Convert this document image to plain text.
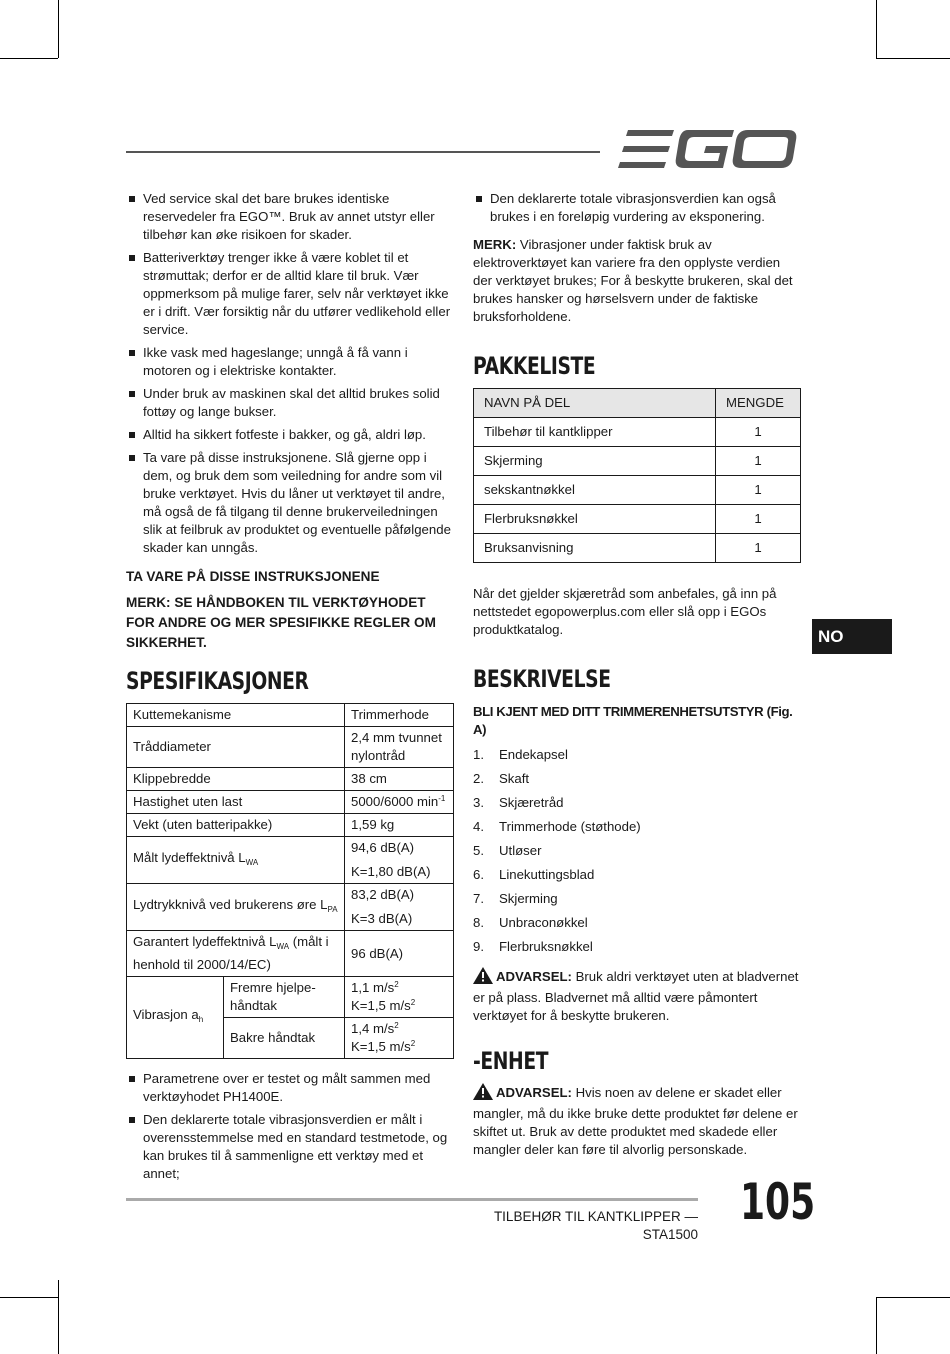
Ved service skal det bare brukes identiske reservedeler fra EGO™. Bruk av annet utstyr eller tilbehør kan øke risikoen for skader.
Batteriverktøy trenger ikke å være koblet til et strømuttak; derfor er de alltid klare til bruk. Vær oppmerksom på mulige farer, selv når verktøyet ikke er i drift. Vær forsiktig når du utfører vedlikehold eller service.
Ikke vask med hageslange; unngå å få vann i motoren og i elektriske kontakter.
Under bruk av maskinen skal det alltid brukes solid fottøy og lange bukser.
Alltid ha sikkert fotfeste i bakker, og gå, aldri løp.
Ta vare på disse instruksjonene. Slå gjerne opp i dem, og bruk dem som veiledning for andre som vil bruke verktøyet. Hvis du låner ut verktøyet til andre, må også de få tilgang til denne brukerveiledningen slik at feilbruk av produktet og eventuelle påfølgende skader kan unngås.

TA VARE PÅ DISSE INSTRUKSJONENE

MERK: SE HÅNDBOKEN TIL VERKTØYHODET FOR ANDRE OG MER SPESIFIKKE REGLER OM SIKKERHET.

SPESIFIKASJONER
Kuttemekanisme		Trimmerhode
Tråddiameter		2,4 mm tvunnet nylontråd
Klippebredde		38 cm
Hastighet uten last		5000/6000 $\min^{-1}$
Vekt (uten batteripakke)		1,59 kg
Målt lydeffektnivå $L_{WA}$		94,6 dB(A)
K=1,80 dB(A)

Lydtrykknivå ved brukerens øre $L_{PA}$		83,2 dB(A)
K=3 dB(A)

Garantert lydeffektnivå $L_{WA}$ (målt i henhold til 2000/14/EC)		96 dB(A)
Vibrasjon $a_h$	Fremre hjelpe-håndtak	1,1 $m/s^2$
K=1,5 $m/s^2$

	Bakre håndtak	1,4 $m/s^2$
K=1,5 $m/s^2$
Parametrene over er testet og målt sammen med verktøyhodet PH1400E.
Den deklarerte totale vibrasjonsverdien er målt i overensstemmelse med en standard testmetode, og kan brukes til å sammenligne ett verktøy med et annet;
Den deklarerte totale vibrasjonsverdien kan også brukes i en foreløpig vurdering av eksponering.

MERK: Vibrasjoner under faktisk bruk av elektroverktøyet kan variere fra den opplyste verdien der verktøyet brukes; For å beskytte brukeren, skal det brukes hansker og hørselsvern under de faktiske bruksforholdene.

PAKKELISTE
NAVN PÅ DEL	MENGDE
Tilbehør til kantklipper	1
Skjerming	1
sekskantnøkkel	1
Flerbruksnøkkel	1
Bruksanvisning	1

Når det gjelder skjæretråd som anbefales, gå inn på nettstedet egopowerplus.com eller slå opp i EGOs produktkatalog.

BESKRIVELSE

BLI KJENT MED DITT TRIMMERENHETSUTSTYR (Fig. A)

1. Endekapsel
2. Skaft
3. Skjæretråd
4. Trimmerhode (støthode)
5. Utløser
6. Linekuttingsblad
7. Skjerming
8. Unbraconøkkel
9. Flerbruksnøkkel

ADVARSEL: Bruk aldri verktøyet uten at bladvernet er på plass. Bladvernet må alltid være påmontert verktøyet for å beskytte brukeren.

-ENHET

ADVARSEL: Hvis noen av delene er skadet eller mangler, må du ikke bruke dette produktet før delene er skiftet ut. Bruk av dette produktet med skadede eller mangler deler kan føre til alvorlig personskade.

NO
TILBEHØR TIL KANTKLIPPER — STA1500
105
